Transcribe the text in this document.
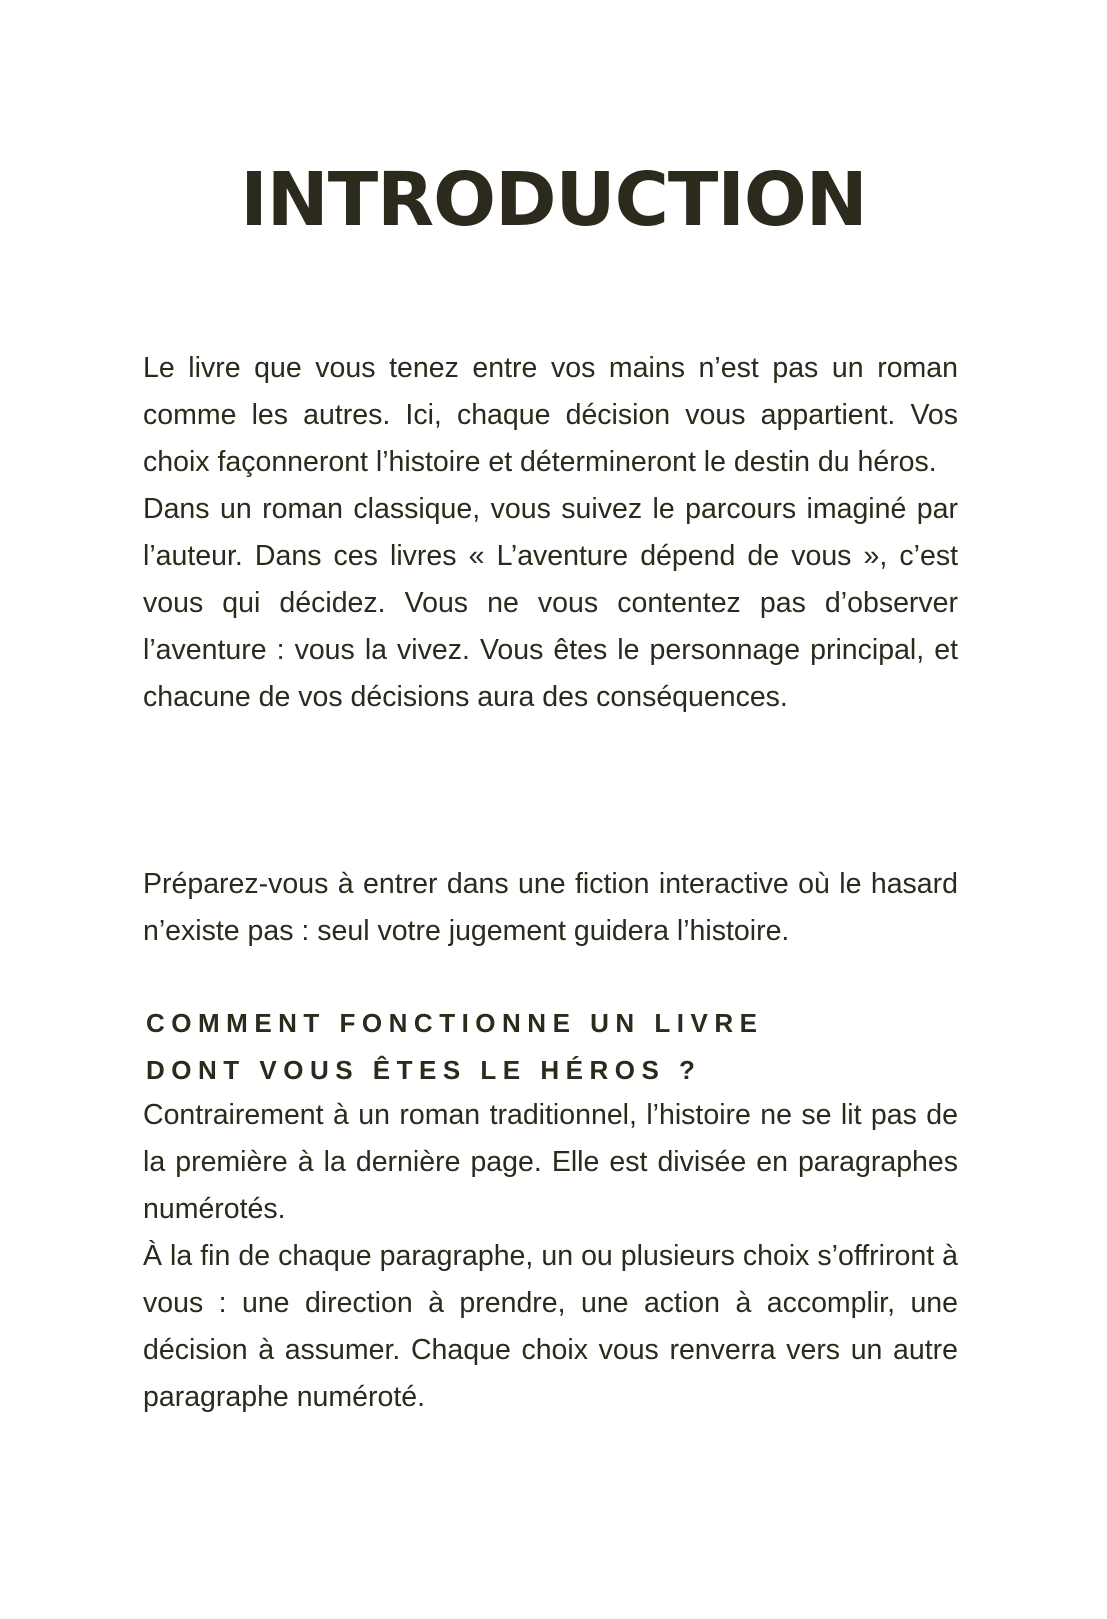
INTRODUCTION

Le livre que vous tenez entre vos mains n’est pas un roman comme les autres. Ici, chaque décision vous appartient. Vos choix façonneront l’histoire et détermineront le destin du héros.

Dans un roman classique, vous suivez le parcours imaginé par l’auteur. Dans ces livres « L’aventure dépend de vous », c’est vous qui décidez. Vous ne vous contentez pas d’observer l’aventure : vous la vivez. Vous êtes le personnage principal, et chacune de vos décisions aura des conséquences.

Préparez-vous à entrer dans une fiction interactive où le hasard n’existe pas : seul votre jugement guidera l’histoire.

COMMENT FONCTIONNE UN LIVRE
DONT VOUS ÊTES LE HÉROS ?

Contrairement à un roman traditionnel, l’histoire ne se lit pas de la première à la dernière page. Elle est divisée en paragraphes numérotés.

À la fin de chaque paragraphe, un ou plusieurs choix s’offriront à vous : une direction à prendre, une action à accomplir, une décision à assumer. Chaque choix vous renverra vers un autre paragraphe numéroté.
